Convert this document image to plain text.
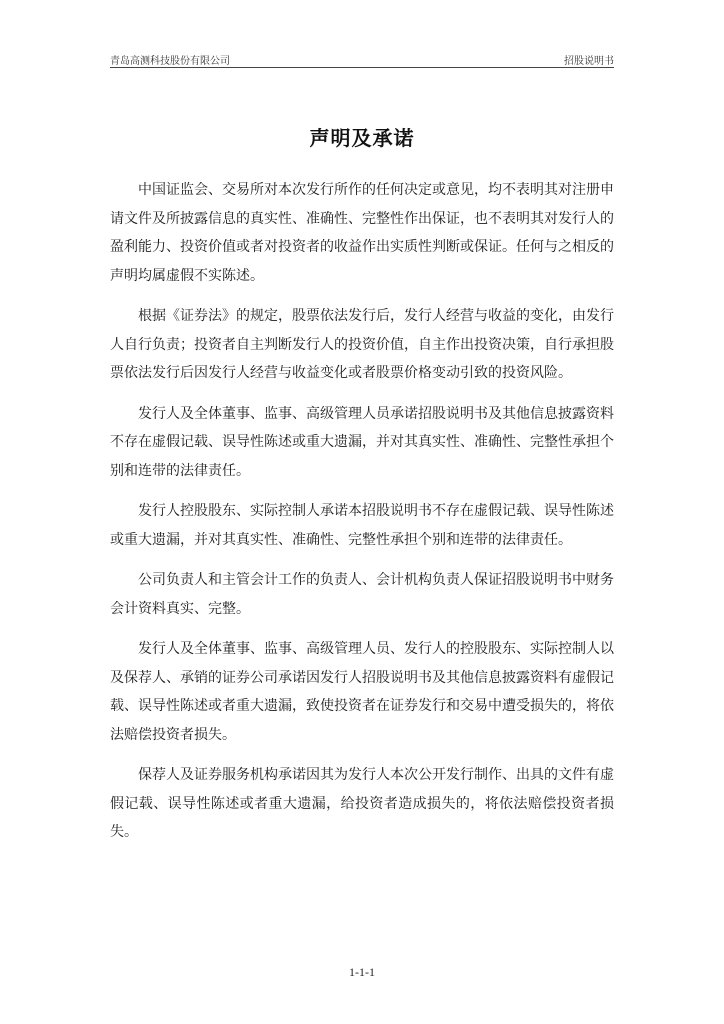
青岛高测科技股份有限公司	招股说明书
声明及承诺

中国证监会、交易所对本次发行所作的任何决定或意见，均不表明其对注册申请文件及所披露信息的真实性、准确性、完整性作出保证，也不表明其对发行人的盈利能力、投资价值或者对投资者的收益作出实质性判断或保证。任何与之相反的声明均属虚假不实陈述。

根据《证券法》的规定，股票依法发行后，发行人经营与收益的变化，由发行人自行负责；投资者自主判断发行人的投资价值，自主作出投资决策，自行承担股票依法发行后因发行人经营与收益变化或者股票价格变动引致的投资风险。

发行人及全体董事、监事、高级管理人员承诺招股说明书及其他信息披露资料不存在虚假记载、误导性陈述或重大遗漏，并对其真实性、准确性、完整性承担个别和连带的法律责任。

发行人控股股东、实际控制人承诺本招股说明书不存在虚假记载、误导性陈述或重大遗漏，并对其真实性、准确性、完整性承担个别和连带的法律责任。

公司负责人和主管会计工作的负责人、会计机构负责人保证招股说明书中财务会计资料真实、完整。

发行人及全体董事、监事、高级管理人员、发行人的控股股东、实际控制人以及保荐人、承销的证券公司承诺因发行人招股说明书及其他信息披露资料有虚假记载、误导性陈述或者重大遗漏，致使投资者在证券发行和交易中遭受损失的，将依法赔偿投资者损失。

保荐人及证券服务机构承诺因其为发行人本次公开发行制作、出具的文件有虚假记载、误导性陈述或者重大遗漏，给投资者造成损失的，将依法赔偿投资者损失。

1-1-1
